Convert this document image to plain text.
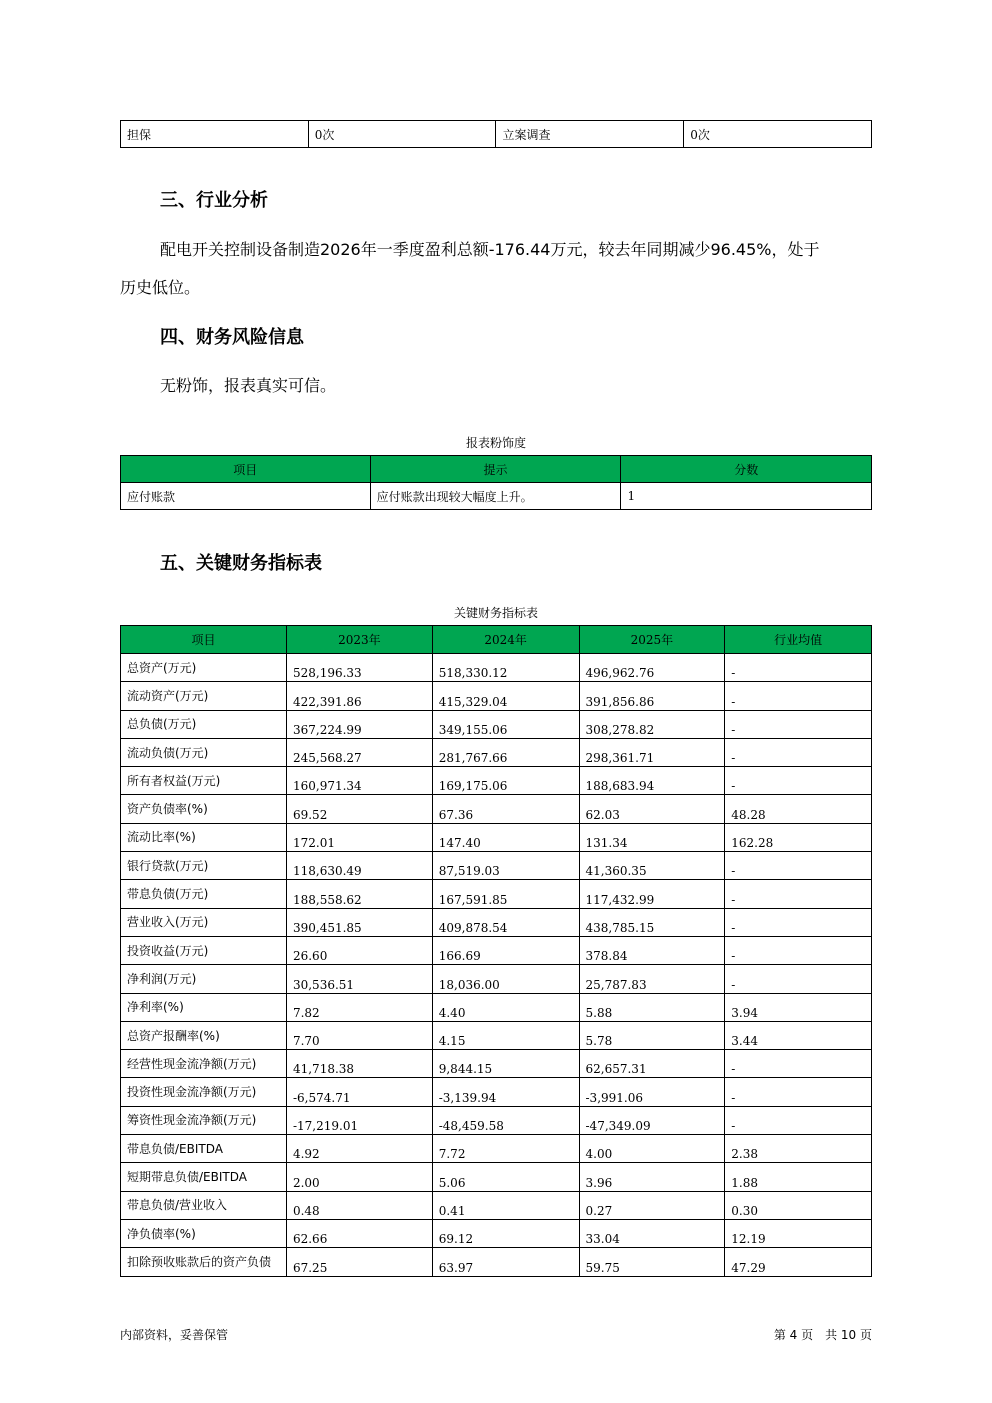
担保	0次	立案调查	0次
三、行业分析

配电开关控制设备制造2026年一季度盈利总额-176.44万元，较去年同期减少96.45%，处于

历史低位。

四、财务风险信息

无粉饰，报表真实可信。

报表粉饰度
项目	提示	分数
应付账款	应付账款出现较大幅度上升。	1
五、关键财务指标表
关键财务指标表
项目	2023年	2024年	2025年	行业均值
总资产(万元)	528,196.33	518,330.12	496,962.76	-
流动资产(万元)	422,391.86	415,329.04	391,856.86	-
总负债(万元)	367,224.99	349,155.06	308,278.82	-
流动负债(万元)	245,568.27	281,767.66	298,361.71	-
所有者权益(万元)	160,971.34	169,175.06	188,683.94	-
资产负债率(%)	69.52	67.36	62.03	48.28
流动比率(%)	172.01	147.40	131.34	162.28
银行贷款(万元)	118,630.49	87,519.03	41,360.35	-
带息负债(万元)	188,558.62	167,591.85	117,432.99	-
营业收入(万元)	390,451.85	409,878.54	438,785.15	-
投资收益(万元)	26.60	166.69	378.84	-
净利润(万元)	30,536.51	18,036.00	25,787.83	-
净利率(%)	7.82	4.40	5.88	3.94
总资产报酬率(%)	7.70	4.15	5.78	3.44
经营性现金流净额(万元)	41,718.38	9,844.15	62,657.31	-
投资性现金流净额(万元)	-6,574.71	-3,139.94	-3,991.06	-
筹资性现金流净额(万元)	-17,219.01	-48,459.58	-47,349.09	-
带息负债/EBITDA	4.92	7.72	4.00	2.38
短期带息负债/EBITDA	2.00	5.06	3.96	1.88
带息负债/营业收入	0.48	0.41	0.27	0.30
净负债率(%)	62.66	69.12	33.04	12.19
扣除预收账款后的资产负债	67.25	63.97	59.75	47.29
内部资料，妥善保管	第 4 页　共 10 页
